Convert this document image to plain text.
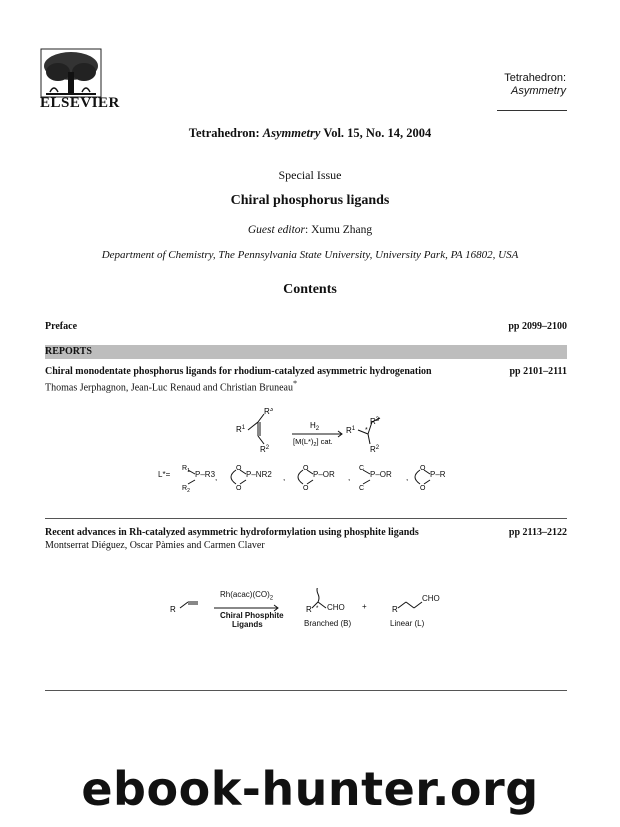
ELSEVIER
Tetrahedron:
Asymmetry
Tetrahedron: Asymmetry Vol. 15, No. 14, 2004
Special Issue
Chiral phosphorus ligands
Guest editor: Xumu Zhang
Department of Chemistry, The Pennsylvania State University, University Park, PA 16802, USA
Contents
Preface	pp 2099–2100
REPORTS
Chiral monodentate phosphorus ligands for rhodium-catalyzed asymmetric hydrogenation	pp 2101–2111
Thomas Jerphagnon, Jean-Luc Renaud and Christian Bruneau*
$R^1$
$R^3$
$R^2$
$H_2$
$[M(L*)_2]$ cat.
$R^1$
$R^3$
$R^2$
*
L*=
$R_1$
$R_2$
,
O
O
,
O
O
,
C
C
,
O
O
P–R3	P–NR2	P–OR	P–OR	P–R
Recent advances in Rh-catalyzed asymmetric hydroformylation using phosphite ligands	pp 2113–2122
Montserrat Diéguez, Oscar Pàmies and Carmen Claver
R	R *	R
$Rh(acac)(CO)_2$
Chiral Phosphite
Ligands
CHO
Branched (B)
+
CHO
Linear (L)
ebook-hunter.org
